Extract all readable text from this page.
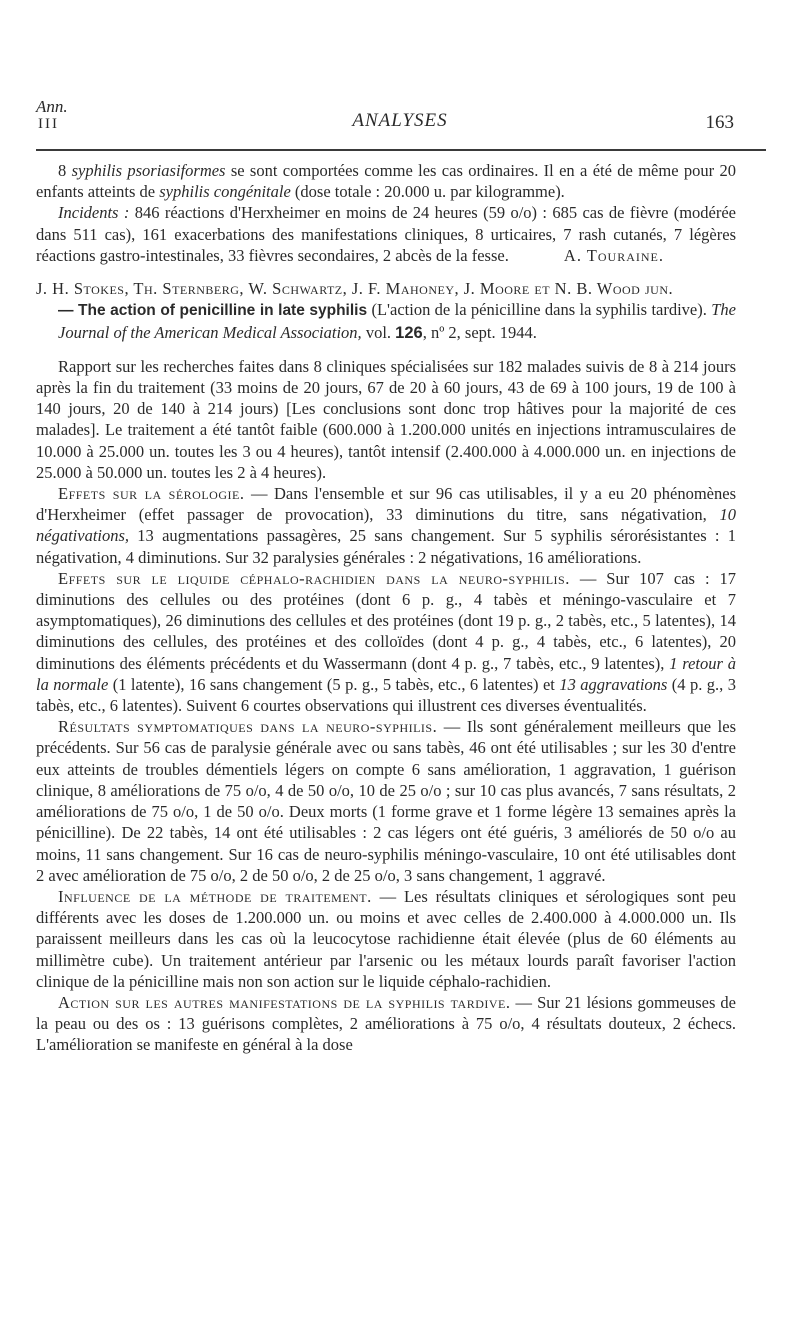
Ann.
III	ANALYSES	163

8 syphilis psoriasiformes se sont comportées comme les cas ordinaires. Il en a été de même pour 20 enfants atteints de syphilis congénitale (dose totale : 20.000 u. par kilogramme).

Incidents : 846 réactions d'Herxheimer en moins de 24 heures (59 o/o) : 685 cas de fièvre (modérée dans 511 cas), 161 exacerbations des manifestations cliniques, 8 urticaires, 7 rash cutanés, 7 légères réactions gastro-intestinales, 33 fièvres secondaires, 2 abcès de la fesse.	A. Touraine.

J. H. Stokes, Th. Sternberg, W. Schwartz, J. F. Mahoney, J. Moore et N. B. Wood jun.

— The action of penicilline in late syphilis (L'action de la pénicilline dans la syphilis tardive). The Journal of the American Medical Association, vol. 126, nº 2, sept. 1944.

Rapport sur les recherches faites dans 8 cliniques spécialisées sur 182 malades suivis de 8 à 214 jours après la fin du traitement (33 moins de 20 jours, 67 de 20 à 60 jours, 43 de 69 à 100 jours, 19 de 100 à 140 jours, 20 de 140 à 214 jours) [Les conclusions sont donc trop hâtives pour la majorité de ces malades]. Le traitement a été tantôt faible (600.000 à 1.200.000 unités en injections intramusculaires de 10.000 à 25.000 un. toutes les 3 ou 4 heures), tantôt intensif (2.400.000 à 4.000.000 un. en injections de 25.000 à 50.000 un. toutes les 2 à 4 heures).

Effets sur la sérologie. — Dans l'ensemble et sur 96 cas utilisables, il y a eu 20 phénomènes d'Herxheimer (effet passager de provocation), 33 diminutions du titre, sans négativation, 10 négativations, 13 augmentations passagères, 25 sans changement. Sur 5 syphilis sérorésistantes : 1 négativation, 4 diminutions. Sur 32 paralysies générales : 2 négativations, 16 améliorations.

Effets sur le liquide céphalo-rachidien dans la neuro-syphilis. — Sur 107 cas : 17 diminutions des cellules ou des protéines (dont 6 p. g., 4 tabès et méningo-vasculaire et 7 asymptomatiques), 26 diminutions des cellules et des protéines (dont 19 p. g., 2 tabès, etc., 5 latentes), 14 diminutions des cellules, des protéines et des colloïdes (dont 4 p. g., 4 tabès, etc., 6 latentes), 20 diminutions des éléments précédents et du Wassermann (dont 4 p. g., 7 tabès, etc., 9 latentes), 1 retour à la normale (1 latente), 16 sans changement (5 p. g., 5 tabès, etc., 6 latentes) et 13 aggravations (4 p. g., 3 tabès, etc., 6 latentes). Suivent 6 courtes observations qui illustrent ces diverses éventualités.

Résultats symptomatiques dans la neuro-syphilis. — Ils sont généralement meilleurs que les précédents. Sur 56 cas de paralysie générale avec ou sans tabès, 46 ont été utilisables ; sur les 30 d'entre eux atteints de troubles démentiels légers on compte 6 sans amélioration, 1 aggravation, 1 guérison clinique, 8 améliorations de 75 o/o, 4 de 50 o/o, 10 de 25 o/o ; sur 10 cas plus avancés, 7 sans résultats, 2 améliorations de 75 o/o, 1 de 50 o/o. Deux morts (1 forme grave et 1 forme légère 13 semaines après la pénicilline). De 22 tabès, 14 ont été utilisables : 2 cas légers ont été guéris, 3 améliorés de 50 o/o au moins, 11 sans changement. Sur 16 cas de neuro-syphilis méningo-vasculaire, 10 ont été utilisables dont 2 avec amélioration de 75 o/o, 2 de 50 o/o, 2 de 25 o/o, 3 sans changement, 1 aggravé.

Influence de la méthode de traitement. — Les résultats cliniques et sérologiques sont peu différents avec les doses de 1.200.000 un. ou moins et avec celles de 2.400.000 à 4.000.000 un. Ils paraissent meilleurs dans les cas où la leucocytose rachidienne était élevée (plus de 60 éléments au millimètre cube). Un traitement antérieur par l'arsenic ou les métaux lourds paraît favoriser l'action clinique de la pénicilline mais non son action sur le liquide céphalo-rachidien.

Action sur les autres manifestations de la syphilis tardive. — Sur 21 lésions gommeuses de la peau ou des os : 13 guérisons complètes, 2 améliorations à 75 o/o, 4 résultats douteux, 2 échecs. L'amélioration se manifeste en général à la dose
